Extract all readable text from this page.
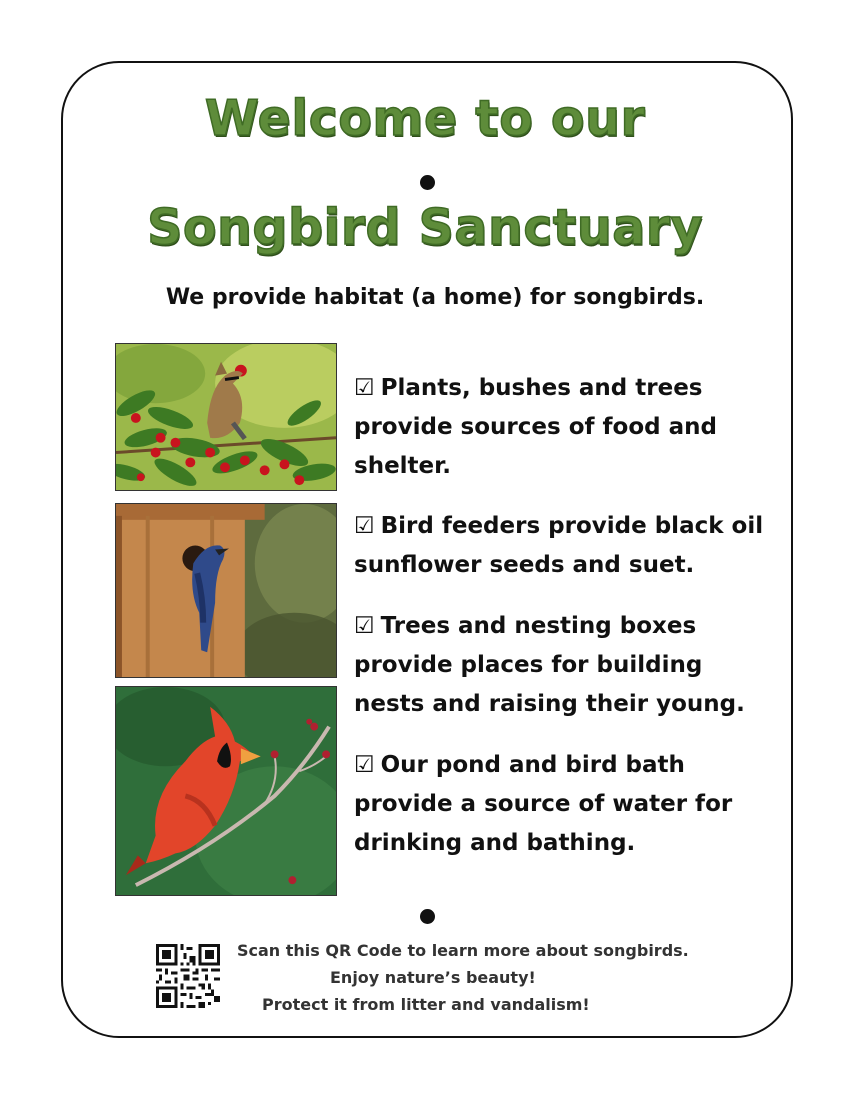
Welcome to our
Songbird Sanctuary
We provide habitat (a home) for songbirds.

☑ Plants, bushes and trees provide sources of food and shelter.

☑ Bird feeders provide black oil sunflower seeds and suet.

☑ Trees and nesting boxes provide places for building nests and raising their young.

☑ Our pond and bird bath provide a source of water for drinking and bathing.

Scan this QR Code to learn more about songbirds.
Enjoy nature’s beauty!
Protect it from litter and vandalism!
